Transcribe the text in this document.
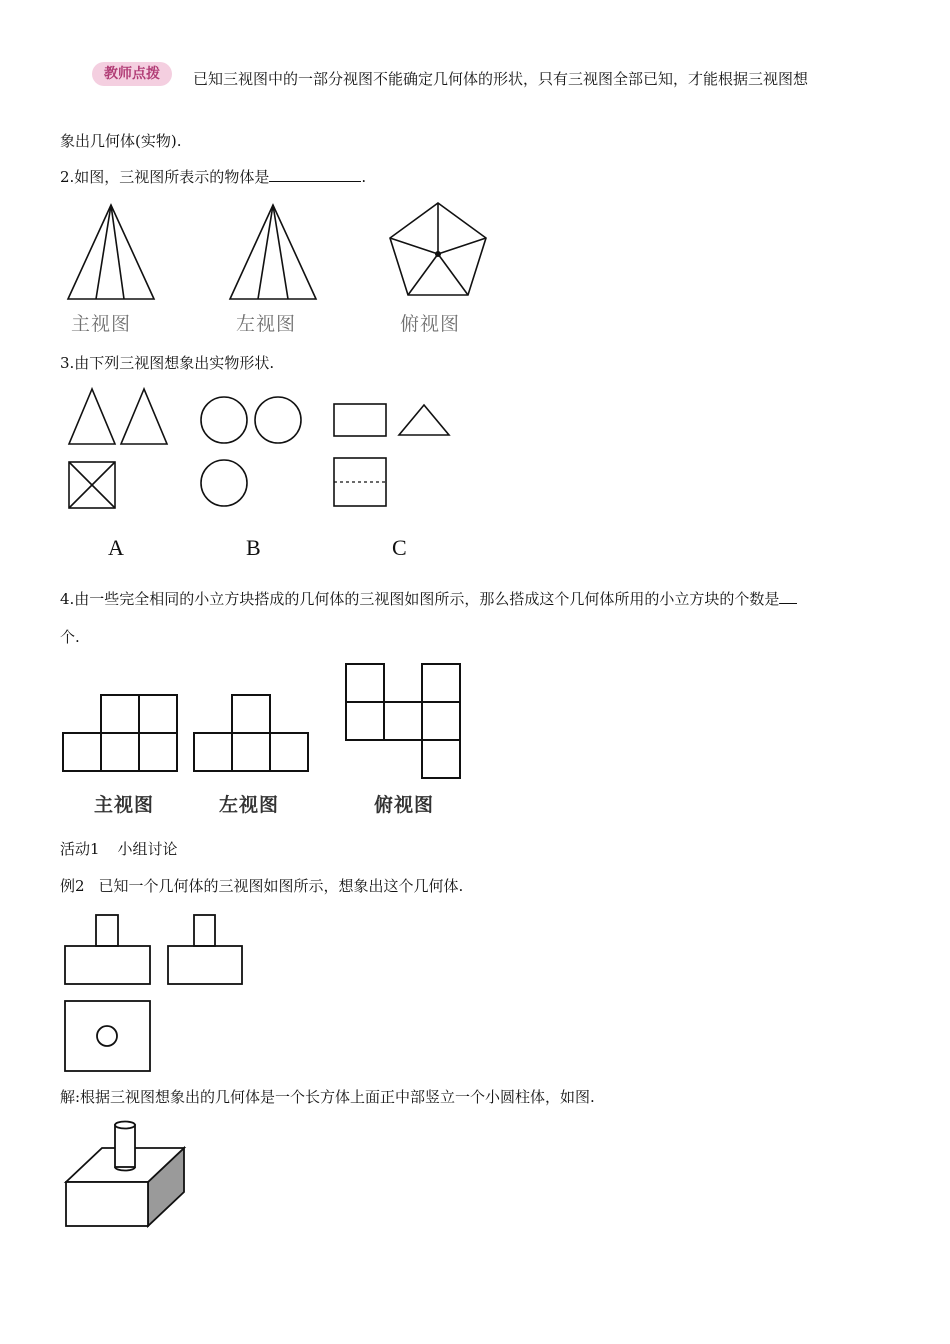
教师点拨	已知三视图中的一部分视图不能确定几何体的形状，只有三视图全部已知，才能根据三视图想
象出几何体(实物).
2.如图，三视图所表示的物体是	.
主视图	左视图	俯视图
3.由下列三视图想象出实物形状.
A	B	C
4.由一些完全相同的小立方块搭成的几何体的三视图如图所示，那么搭成这个几何体所用的小立方块的个数是
个.
主视图	左视图	俯视图
活动1 小组讨论
例2 已知一个几何体的三视图如图所示，想象出这个几何体.
解:根据三视图想象出的几何体是一个长方体上面正中部竖立一个小圆柱体，如图.
